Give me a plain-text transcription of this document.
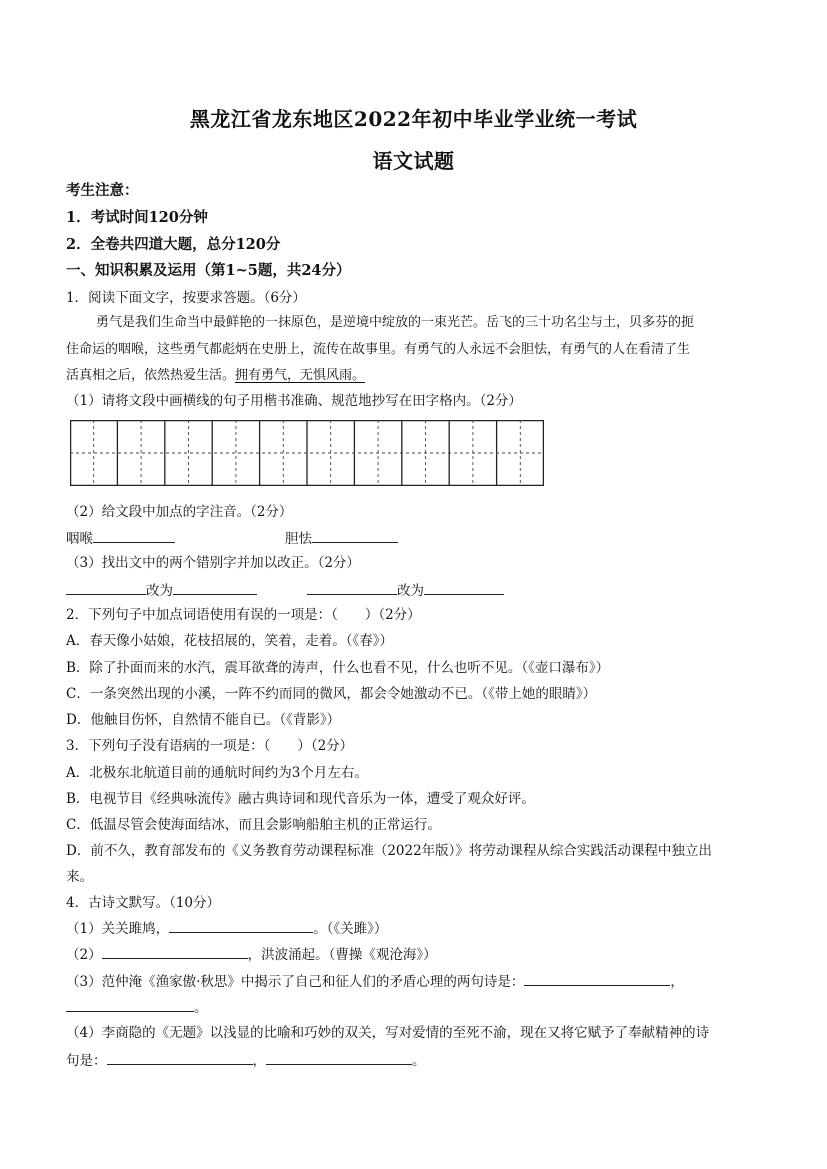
黑龙江省龙东地区2022年初中毕业学业统一考试
语文试题
考生注意：
1．考试时间120分钟
2．全卷共四道大题，总分120分
一、知识积累及运用（第1~5题，共24分）
1．阅读下面文字，按要求答题。（6分）
勇气是我们生命当中最鲜艳的一抹原色，是逆境中绽放的一束光芒。岳飞的三十功名尘与土，贝多芬的扼
住命运的咽喉，这些勇气都彪炳在史册上，流传在故事里。有勇气的人永远不会胆怯，有勇气的人在看清了生
活真相之后，依然热爱生活。拥有勇气，无惧风雨。
（1）请将文段中画横线的句子用楷书准确、规范地抄写在田字格内。（2分）
（2）给文段中加点的字注音。（2分）
咽喉	胆怯
（3）找出文中的两个错别字并加以改正。（2分）
改为	改为
2．下列句子中加点词语使用有误的一项是：（　　）（2分）
A．春天像小姑娘，花枝招展的，笑着，走着。（《春》）
B．除了扑面而来的水汽，震耳欲聋的涛声，什么也看不见，什么也听不见。（《壶口瀑布》）
C．一条突然出现的小溪，一阵不约而同的微风，都会令她激动不已。（《带上她的眼睛》）
D．他触目伤怀，自然情不能自已。（《背影》）
3．下列句子没有语病的一项是：（　　）（2分）
A．北极东北航道目前的通航时间约为3个月左右。
B．电视节目《经典咏流传》融古典诗词和现代音乐为一体，遭受了观众好评。
C．低温尽管会使海面结冰，而且会影响船舶主机的正常运行。
D．前不久，教育部发布的《义务教育劳动课程标准（2022年版）》将劳动课程从综合实践活动课程中独立出
来。
4．古诗文默写。（10分）
（1）关关雎鸠，	。（《关雎》）
（2）	，洪波涌起。（曹操《观沧海》）
（3）范仲淹《渔家傲·秋思》中揭示了自己和征人们的矛盾心理的两句诗是：	，
。
（4）李商隐的《无题》以浅显的比喻和巧妙的双关，写对爱情的至死不渝，现在又将它赋予了奉献精神的诗
句是：	，	。
